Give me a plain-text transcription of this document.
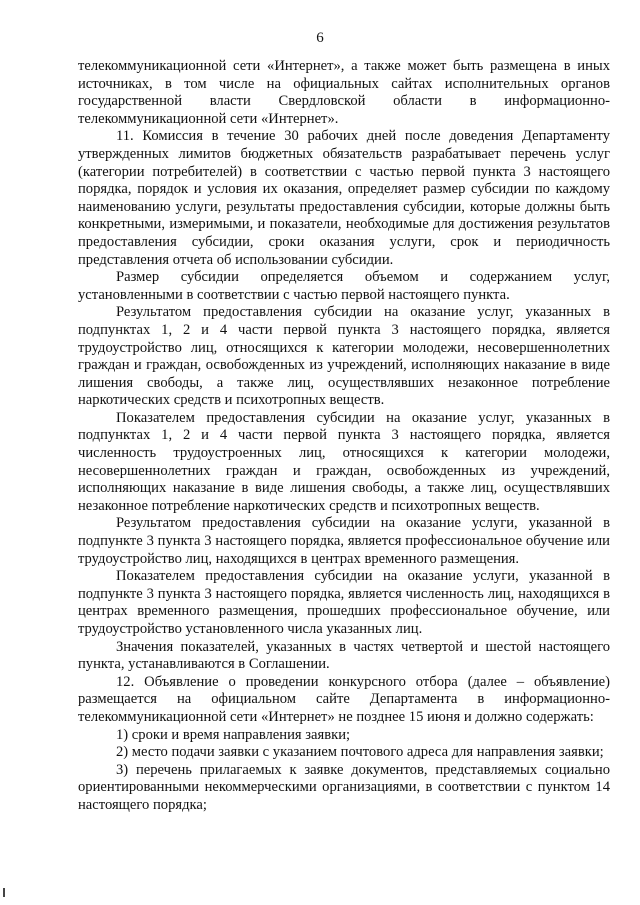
6

телекоммуникационной сети «Интернет», а также может быть размещена в иных источниках, в том числе на официальных сайтах исполнительных органов государственной власти Свердловской области в информационно-телекоммуникационной сети «Интернет».

11. Комиссия в течение 30 рабочих дней после доведения Департаменту утвержденных лимитов бюджетных обязательств разрабатывает перечень услуг (категории потребителей) в соответствии с частью первой пункта 3 настоящего порядка, порядок и условия их оказания, определяет размер субсидии по каждому наименованию услуги, результаты предоставления субсидии, которые должны быть конкретными, измеримыми, и показатели, необходимые для достижения результатов предоставления субсидии, сроки оказания услуги, срок и периодичность представления отчета об использовании субсидии.

Размер субсидии определяется объемом и содержанием услуг, установленными в соответствии с частью первой настоящего пункта.

Результатом предоставления субсидии на оказание услуг, указанных в подпунктах 1, 2 и 4 части первой пункта 3 настоящего порядка, является трудоустройство лиц, относящихся к категории молодежи, несовершеннолетних граждан и граждан, освобожденных из учреждений, исполняющих наказание в виде лишения свободы, а также лиц, осуществлявших незаконное потребление наркотических средств и психотропных веществ.

Показателем предоставления субсидии на оказание услуг, указанных в подпунктах 1, 2 и 4 части первой пункта 3 настоящего порядка, является численность трудоустроенных лиц, относящихся к категории молодежи, несовершеннолетних граждан и граждан, освобожденных из учреждений, исполняющих наказание в виде лишения свободы, а также лиц, осуществлявших незаконное потребление наркотических средств и психотропных веществ.

Результатом предоставления субсидии на оказание услуги, указанной в подпункте 3 пункта 3 настоящего порядка, является профессиональное обучение или трудоустройство лиц, находящихся в центрах временного размещения.

Показателем предоставления субсидии на оказание услуги, указанной в подпункте 3 пункта 3 настоящего порядка, является численность лиц, находящихся в центрах временного размещения, прошедших профессиональное обучение, или трудоустройство установленного числа указанных лиц.

Значения показателей, указанных в частях четвертой и шестой настоящего пункта, устанавливаются в Соглашении.

12. Объявление о проведении конкурсного отбора (далее – объявление) размещается на официальном сайте Департамента в информационно-телекоммуникационной сети «Интернет» не позднее 15 июня и должно содержать:

1) сроки и время направления заявки;

2) место подачи заявки с указанием почтового адреса для направления заявки;

3) перечень прилагаемых к заявке документов, представляемых социально ориентированными некоммерческими организациями, в соответствии с пунктом 14 настоящего порядка;
